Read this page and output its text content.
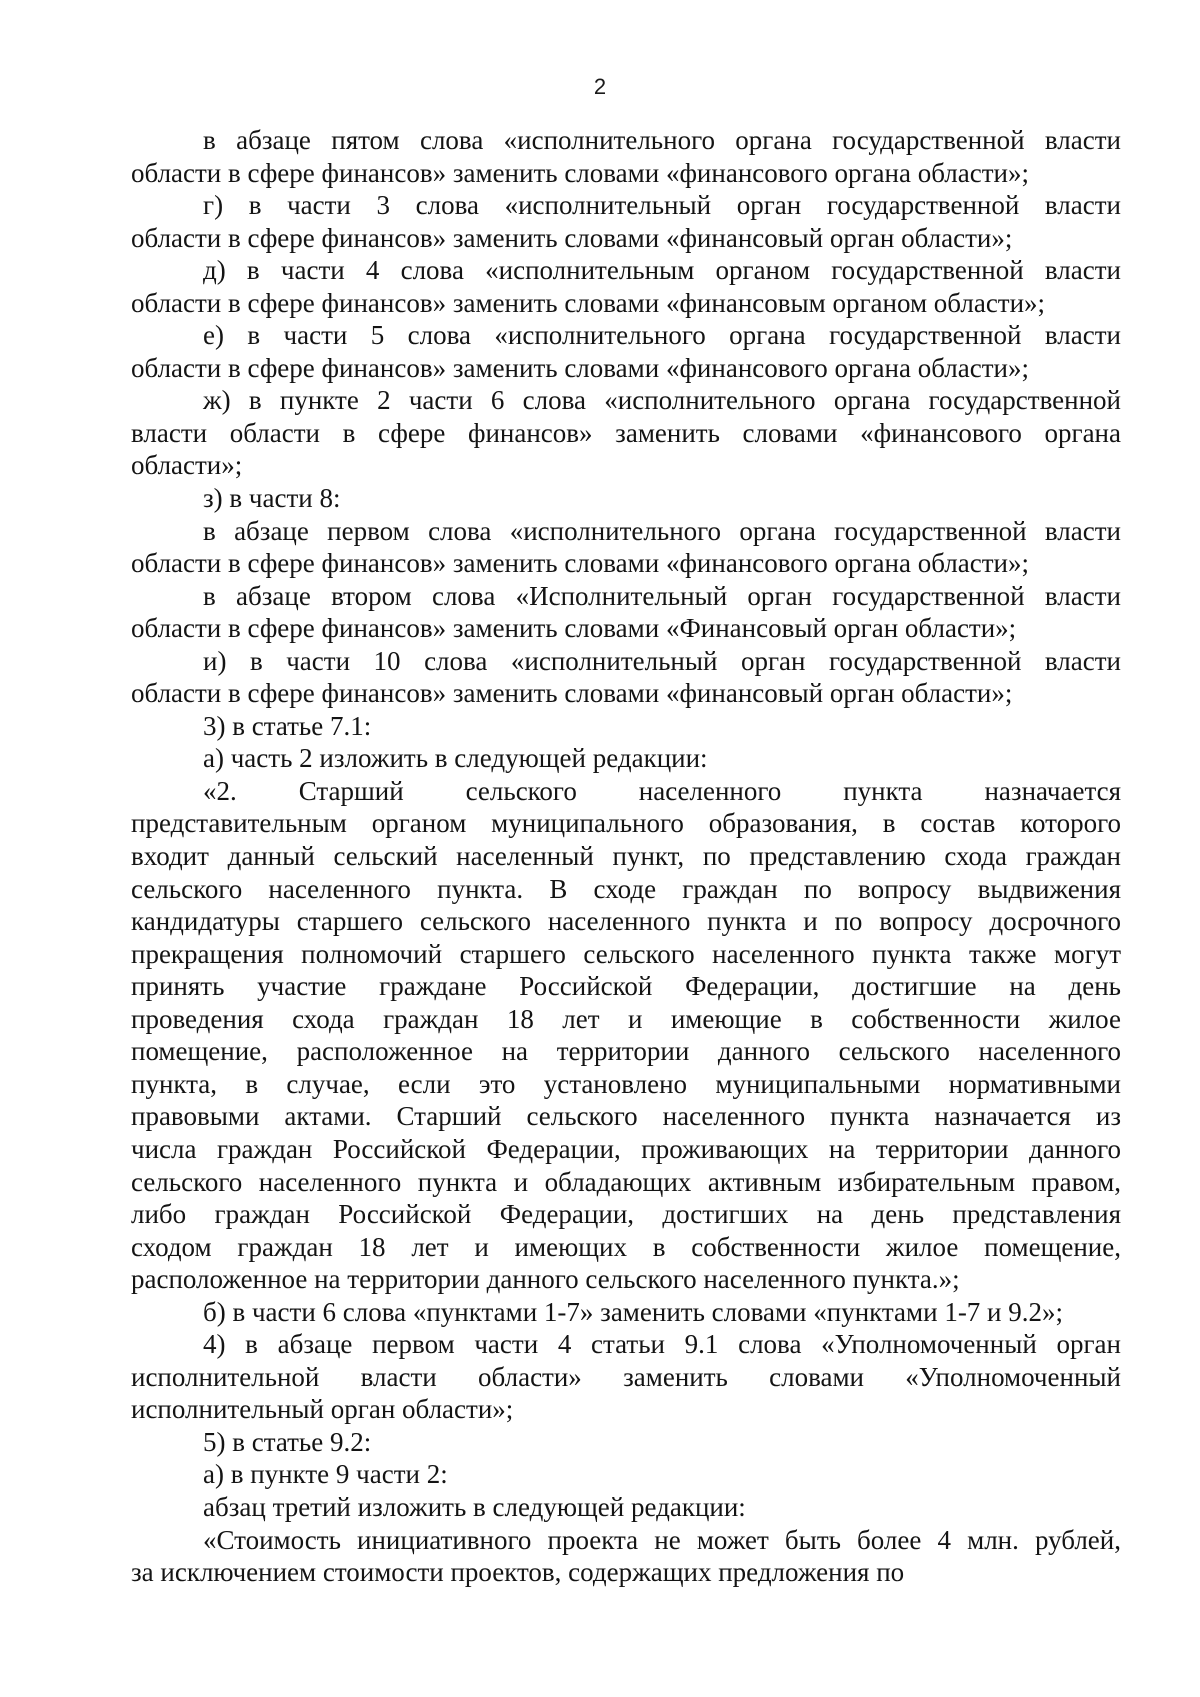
2
в абзаце пятом слова «исполнительного органа государственной власти
области в сфере финансов» заменить словами «финансового органа области»;
г) в части 3 слова «исполнительный орган государственной власти
области в сфере финансов» заменить словами «финансовый орган области»;
д) в части 4 слова «исполнительным органом государственной власти
области в сфере финансов» заменить словами «финансовым органом области»;
е) в части 5 слова «исполнительного органа государственной власти
области в сфере финансов» заменить словами «финансового органа области»;
ж) в пункте 2 части 6 слова «исполнительного органа государственной
власти области в сфере финансов» заменить словами «финансового органа
области»;
з) в части 8:
в абзаце первом слова «исполнительного органа государственной власти
области в сфере финансов» заменить словами «финансового органа области»;
в абзаце втором слова «Исполнительный орган государственной власти
области в сфере финансов» заменить словами «Финансовый орган области»;
и) в части 10 слова «исполнительный орган государственной власти
области в сфере финансов» заменить словами «финансовый орган области»;
3) в статье 7.1:
а) часть 2 изложить в следующей редакции:
«2. Старший сельского населенного пункта назначается
представительным органом муниципального образования, в состав которого
входит данный сельский населенный пункт, по представлению схода граждан
сельского населенного пункта. В сходе граждан по вопросу выдвижения
кандидатуры старшего сельского населенного пункта и по вопросу досрочного
прекращения полномочий старшего сельского населенного пункта также могут
принять участие граждане Российской Федерации, достигшие на день
проведения схода граждан 18 лет и имеющие в собственности жилое
помещение, расположенное на территории данного сельского населенного
пункта, в случае, если это установлено муниципальными нормативными
правовыми актами. Старший сельского населенного пункта назначается из
числа граждан Российской Федерации, проживающих на территории данного
сельского населенного пункта и обладающих активным избирательным правом,
либо граждан Российской Федерации, достигших на день представления
сходом граждан 18 лет и имеющих в собственности жилое помещение,
расположенное на территории данного сельского населенного пункта.»;
б) в части 6 слова «пунктами 1-7» заменить словами «пунктами 1-7 и 9.2»;
4) в абзаце первом части 4 статьи 9.1 слова «Уполномоченный орган
исполнительной власти области» заменить словами «Уполномоченный
исполнительный орган области»;
5) в статье 9.2:
а) в пункте 9 части 2:
абзац третий изложить в следующей редакции:
«Стоимость инициативного проекта не может быть более 4 млн. рублей,
за исключением стоимости проектов, содержащих предложения по
